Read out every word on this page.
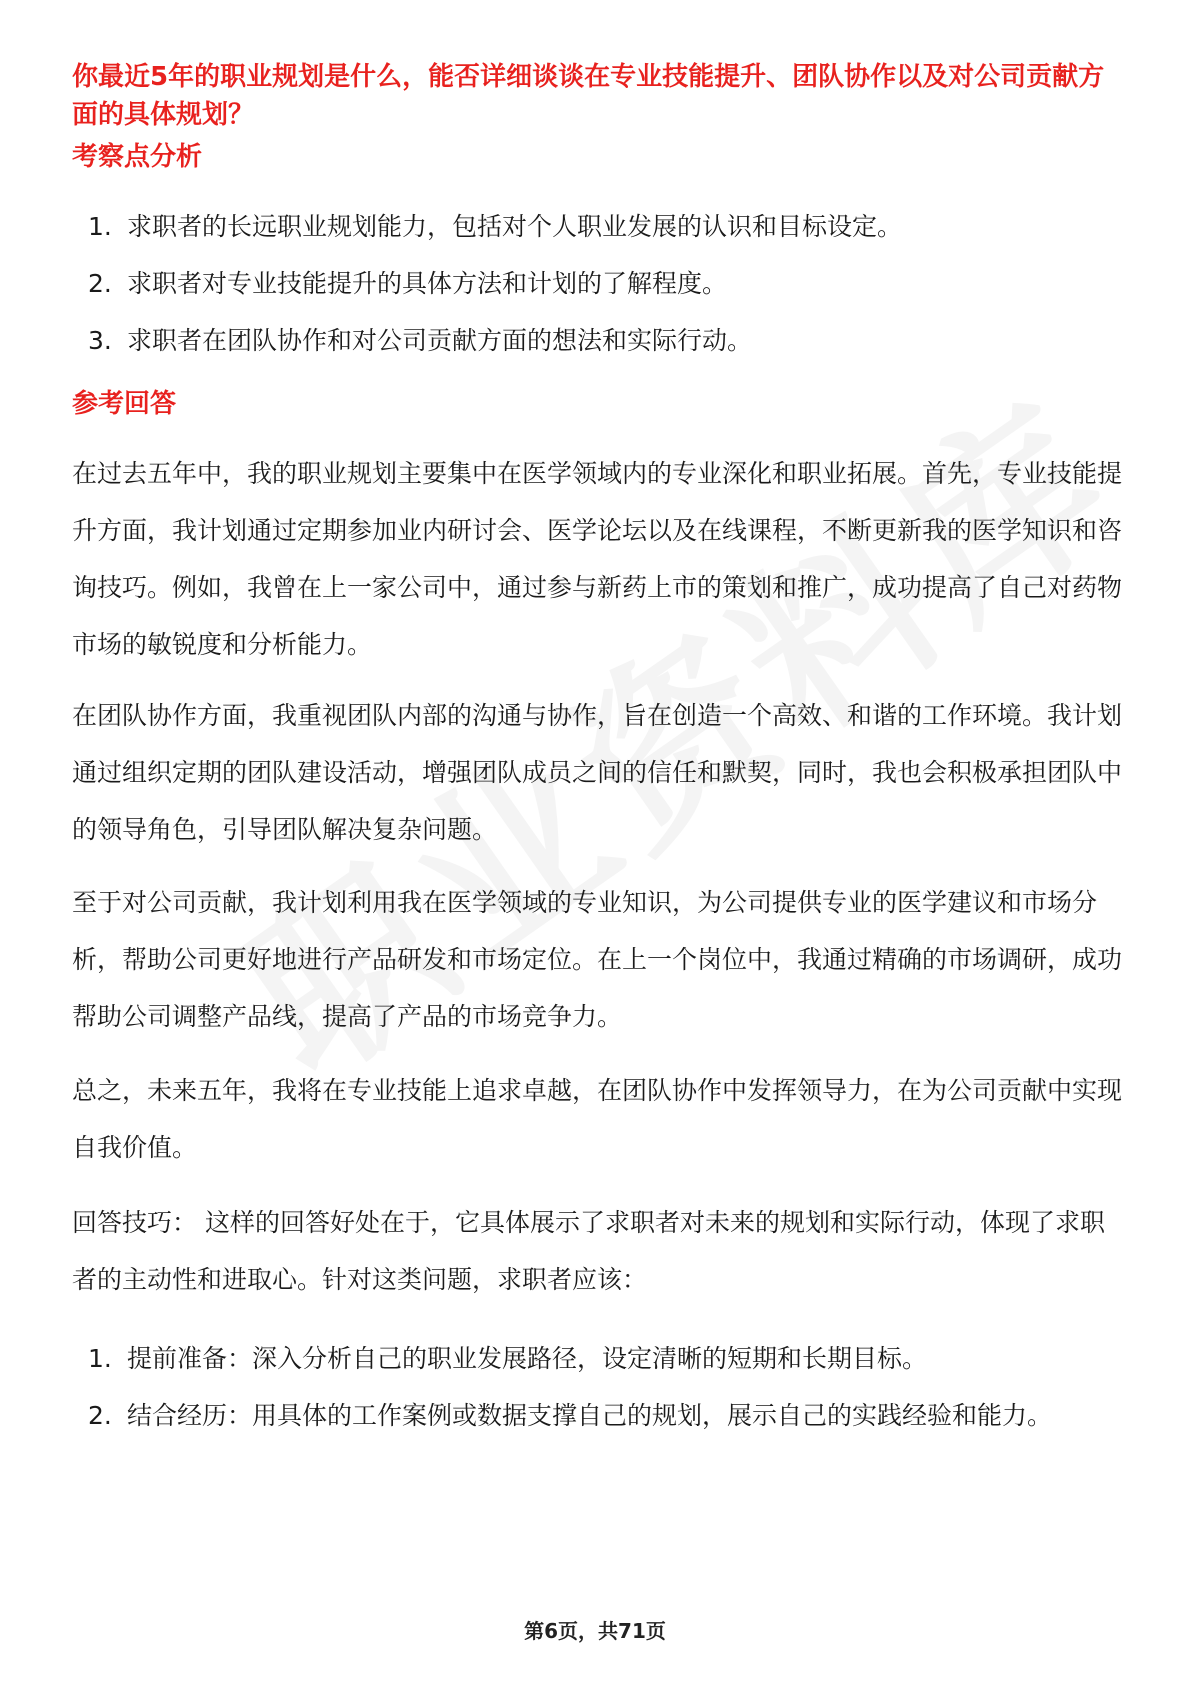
你最近5年的职业规划是什么，能否详细谈谈在专业技能提升、团队协作以及对公司贡献方面的具体规划？
考察点分析
1. 求职者的长远职业规划能力，包括对个人职业发展的认识和目标设定。
2. 求职者对专业技能提升的具体方法和计划的了解程度。
3. 求职者在团队协作和对公司贡献方面的想法和实际行动。
参考回答

在过去五年中，我的职业规划主要集中在医学领域内的专业深化和职业拓展。首先，专业技能提升方面，我计划通过定期参加业内研讨会、医学论坛以及在线课程，不断更新我的医学知识和咨询技巧。例如，我曾在上一家公司中，通过参与新药上市的策划和推广，成功提高了自己对药物市场的敏锐度和分析能力。

在团队协作方面，我重视团队内部的沟通与协作，旨在创造一个高效、和谐的工作环境。我计划通过组织定期的团队建设活动，增强团队成员之间的信任和默契，同时，我也会积极承担团队中的领导角色，引导团队解决复杂问题。

至于对公司贡献，我计划利用我在医学领域的专业知识，为公司提供专业的医学建议和市场分析，帮助公司更好地进行产品研发和市场定位。在上一个岗位中，我通过精确的市场调研，成功帮助公司调整产品线，提高了产品的市场竞争力。

总之，未来五年，我将在专业技能上追求卓越，在团队协作中发挥领导力，在为公司贡献中实现自我价值。

回答技巧： 这样的回答好处在于，它具体展示了求职者对未来的规划和实际行动，体现了求职者的主动性和进取心。针对这类问题，求职者应该：

1. 提前准备：深入分析自己的职业发展路径，设定清晰的短期和长期目标。
2. 结合经历：用具体的工作案例或数据支撑自己的规划，展示自己的实践经验和能力。
第6页，共71页
